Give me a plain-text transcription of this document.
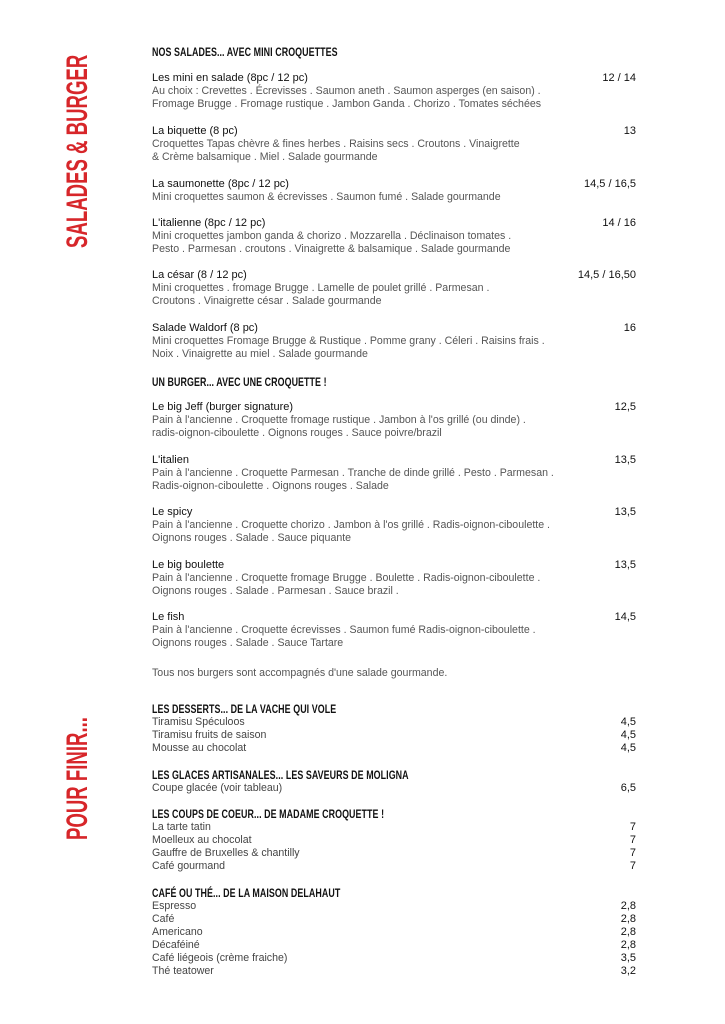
SALADES & BURGER
POUR FINIR...
NOS SALADES... AVEC MINI CROQUETTES
Les mini en salade (8pc / 12 pc)
Au choix : Crevettes . Écrevisses . Saumon aneth . Saumon asperges (en saison) .
Fromage Brugge . Fromage rustique . Jambon Ganda . Chorizo . Tomates séchées
12 / 14
La biquette (8 pc)
Croquettes Tapas chèvre & fines herbes . Raisins secs . Croutons . Vinaigrette
& Crème balsamique . Miel . Salade gourmande
13
La saumonette (8pc / 12 pc)
Mini croquettes saumon & écrevisses . Saumon fumé . Salade gourmande
14,5 / 16,5
L'italienne (8pc / 12 pc)
Mini croquettes jambon ganda & chorizo . Mozzarella . Déclinaison tomates .
Pesto . Parmesan . croutons . Vinaigrette & balsamique . Salade gourmande
14 / 16
La césar (8 / 12 pc)
Mini croquettes . fromage Brugge . Lamelle de poulet grillé . Parmesan .
Croutons . Vinaigrette césar . Salade gourmande
14,5 / 16,50
Salade Waldorf (8 pc)
Mini croquettes Fromage Brugge & Rustique . Pomme grany . Céleri . Raisins frais .
Noix . Vinaigrette au miel . Salade gourmande
16
UN BURGER... AVEC UNE CROQUETTE !
Le big Jeff (burger signature)
Pain à l'ancienne . Croquette fromage rustique . Jambon à l'os grillé (ou dinde) .
radis-oignon-ciboulette . Oignons rouges . Sauce poivre/brazil
12,5
L'italien
Pain à l'ancienne . Croquette Parmesan . Tranche de dinde grillé . Pesto . Parmesan .
Radis-oignon-ciboulette . Oignons rouges . Salade
13,5
Le spicy
Pain à l'ancienne . Croquette chorizo . Jambon à l'os grillé . Radis-oignon-ciboulette .
Oignons rouges . Salade . Sauce piquante
13,5
Le big boulette
Pain à l'ancienne . Croquette fromage Brugge . Boulette . Radis-oignon-ciboulette .
Oignons rouges . Salade . Parmesan . Sauce brazil .
13,5
Le fish
Pain à l'ancienne . Croquette écrevisses . Saumon fumé Radis-oignon-ciboulette .
Oignons rouges . Salade . Sauce Tartare
14,5
Tous nos burgers sont accompagnés d'une salade gourmande.
LES DESSERTS... DE LA VACHE QUI VOLE
Tiramisu Spéculoos	4,5
Tiramisu fruits de saison	4,5
Mousse au chocolat	4,5
LES GLACES ARTISANALES... LES SAVEURS DE MOLIGNA
Coupe glacée (voir tableau)	6,5
LES COUPS DE COEUR... DE MADAME CROQUETTE !
La tarte tatin	7
Moelleux au chocolat	7
Gauffre de Bruxelles & chantilly	7
Café gourmand	7
CAFÉ OU THÉ... DE LA MAISON DELAHAUT
Espresso	2,8
Café	2,8
Americano	2,8
Décaféiné	2,8
Café liégeois (crème fraiche)	3,5
Thé teatower	3,2
